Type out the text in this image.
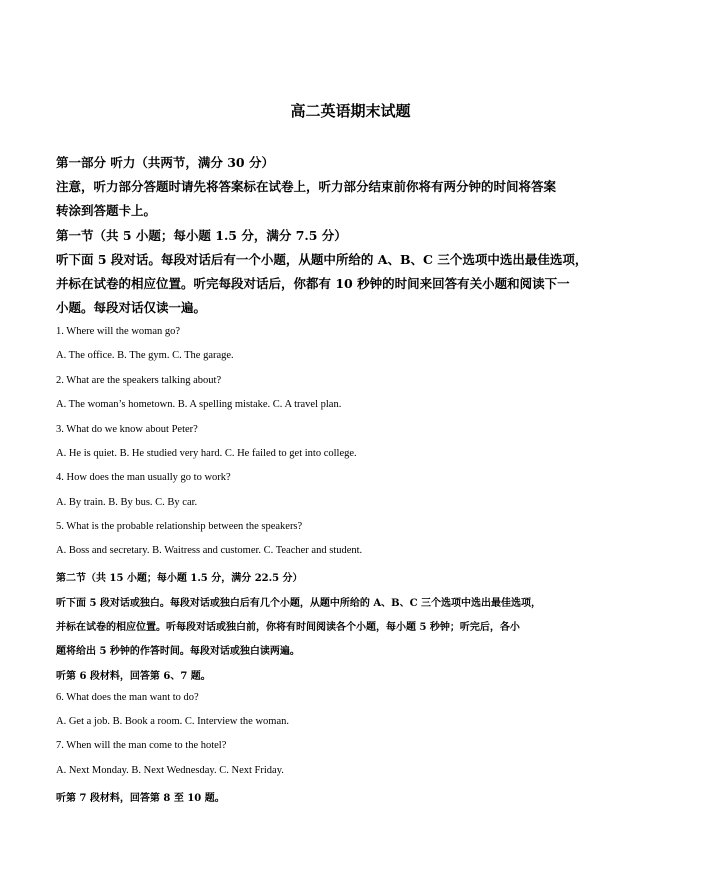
高二英语期末试题
第一部分 听力（共两节，满分 30 分）
注意，听力部分答题时请先将答案标在试卷上，听力部分结束前你将有两分钟的时间将答案
转涂到答题卡上。
第一节（共 5 小题；每小题 1.5 分，满分 7.5 分）
听下面 5 段对话。每段对话后有一个小题，从题中所给的 A、B、C 三个选项中选出最佳选项，
并标在试卷的相应位置。听完每段对话后，你都有 10 秒钟的时间来回答有关小题和阅读下一
小题。每段对话仅读一遍。
1. Where will the woman go?
A. The office. B. The gym. C. The garage.
2. What are the speakers talking about?
A. The woman’s hometown. B. A spelling mistake. C. A travel plan.
3. What do we know about Peter?
A. He is quiet. B. He studied very hard. C. He failed to get into college.
4. How does the man usually go to work?
A. By train. B. By bus. C. By car.
5. What is the probable relationship between the speakers?
A. Boss and secretary. B. Waitress and customer. C. Teacher and student.
第二节（共 15 小题；每小题 1.5 分，满分 22.5 分）
听下面 5 段对话或独白。每段对话或独白后有几个小题，从题中所给的 A、B、C 三个选项中选出最佳选项，
并标在试卷的相应位置。听每段对话或独白前，你将有时间阅读各个小题，每小题 5 秒钟；听完后，各小
题将给出 5 秒钟的作答时间。每段对话或独白读两遍。
听第 6 段材料，回答第 6、7 题。
6. What does the man want to do?
A. Get a job. B. Book a room. C. Interview the woman.
7. When will the man come to the hotel?
A. Next Monday. B. Next Wednesday. C. Next Friday.
听第 7 段材料，回答第 8 至 10 题。
